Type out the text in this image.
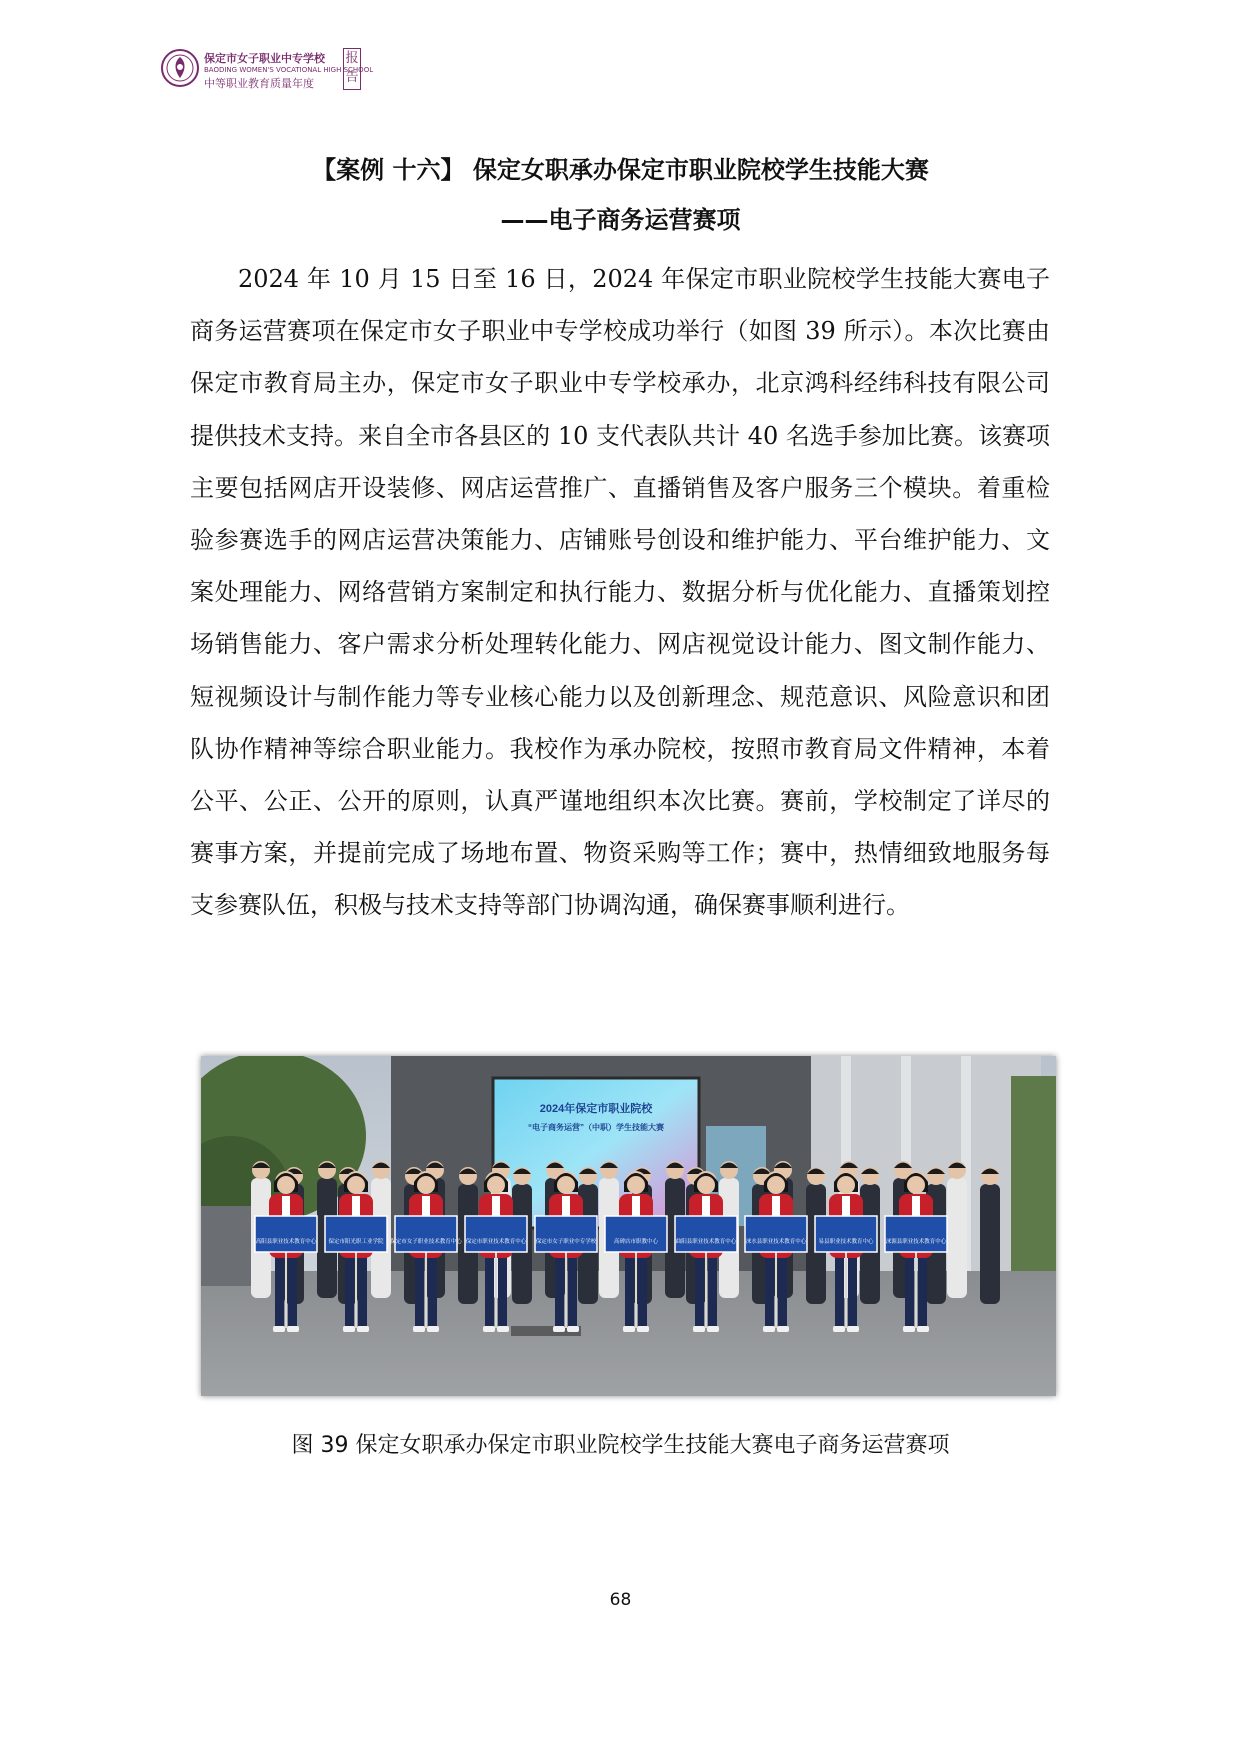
保定市女子职业中专学校
BAODING WOMEN'S VOCATIONAL HIGH SCHOOL
中等职业教育质量年度
报告
【案例 十六】 保定女职承办保定市职业院校学生技能大赛
——电子商务运营赛项

2024 年 10 月 15 日至 16 日，2024 年保定市职业院校学生技能大赛电子商务运营赛项在保定市女子职业中专学校成功举行（如图 39 所示）。本次比赛由保定市教育局主办，保定市女子职业中专学校承办，北京鸿科经纬科技有限公司提供技术支持。来自全市各县区的 10 支代表队共计 40 名选手参加比赛。该赛项主要包括网店开设装修、网店运营推广、直播销售及客户服务三个模块。着重检验参赛选手的网店运营决策能力、店铺账号创设和维护能力、平台维护能力、文案处理能力、网络营销方案制定和执行能力、数据分析与优化能力、直播策划控场销售能力、客户需求分析处理转化能力、网店视觉设计能力、图文制作能力、短视频设计与制作能力等专业核心能力以及创新理念、规范意识、风险意识和团队协作精神等综合职业能力。我校作为承办院校，按照市教育局文件精神，本着公平、公正、公开的原则，认真严谨地组织本次比赛。赛前，学校制定了详尽的赛事方案，并提前完成了场地布置、物资采购等工作；赛中，热情细致地服务每支参赛队伍，积极与技术支持等部门协调沟通，确保赛事顺利进行。

2024年保定市职业院校
“电子商务运营”（中职）学生技能大赛
高阳县职业技术教育中心 保定市阳光职工业学院 保定市女子职业技术教育中心 保定市职业技术教育中心 保定市女子职业中专学校	高碑店市职教中心	曲阳县职业技术教育中心 涞水县职业技术教育中心 易县职业技术教育中心 涞源县职业技术教育中心
图 39 保定女职承办保定市职业院校学生技能大赛电子商务运营赛项
68
